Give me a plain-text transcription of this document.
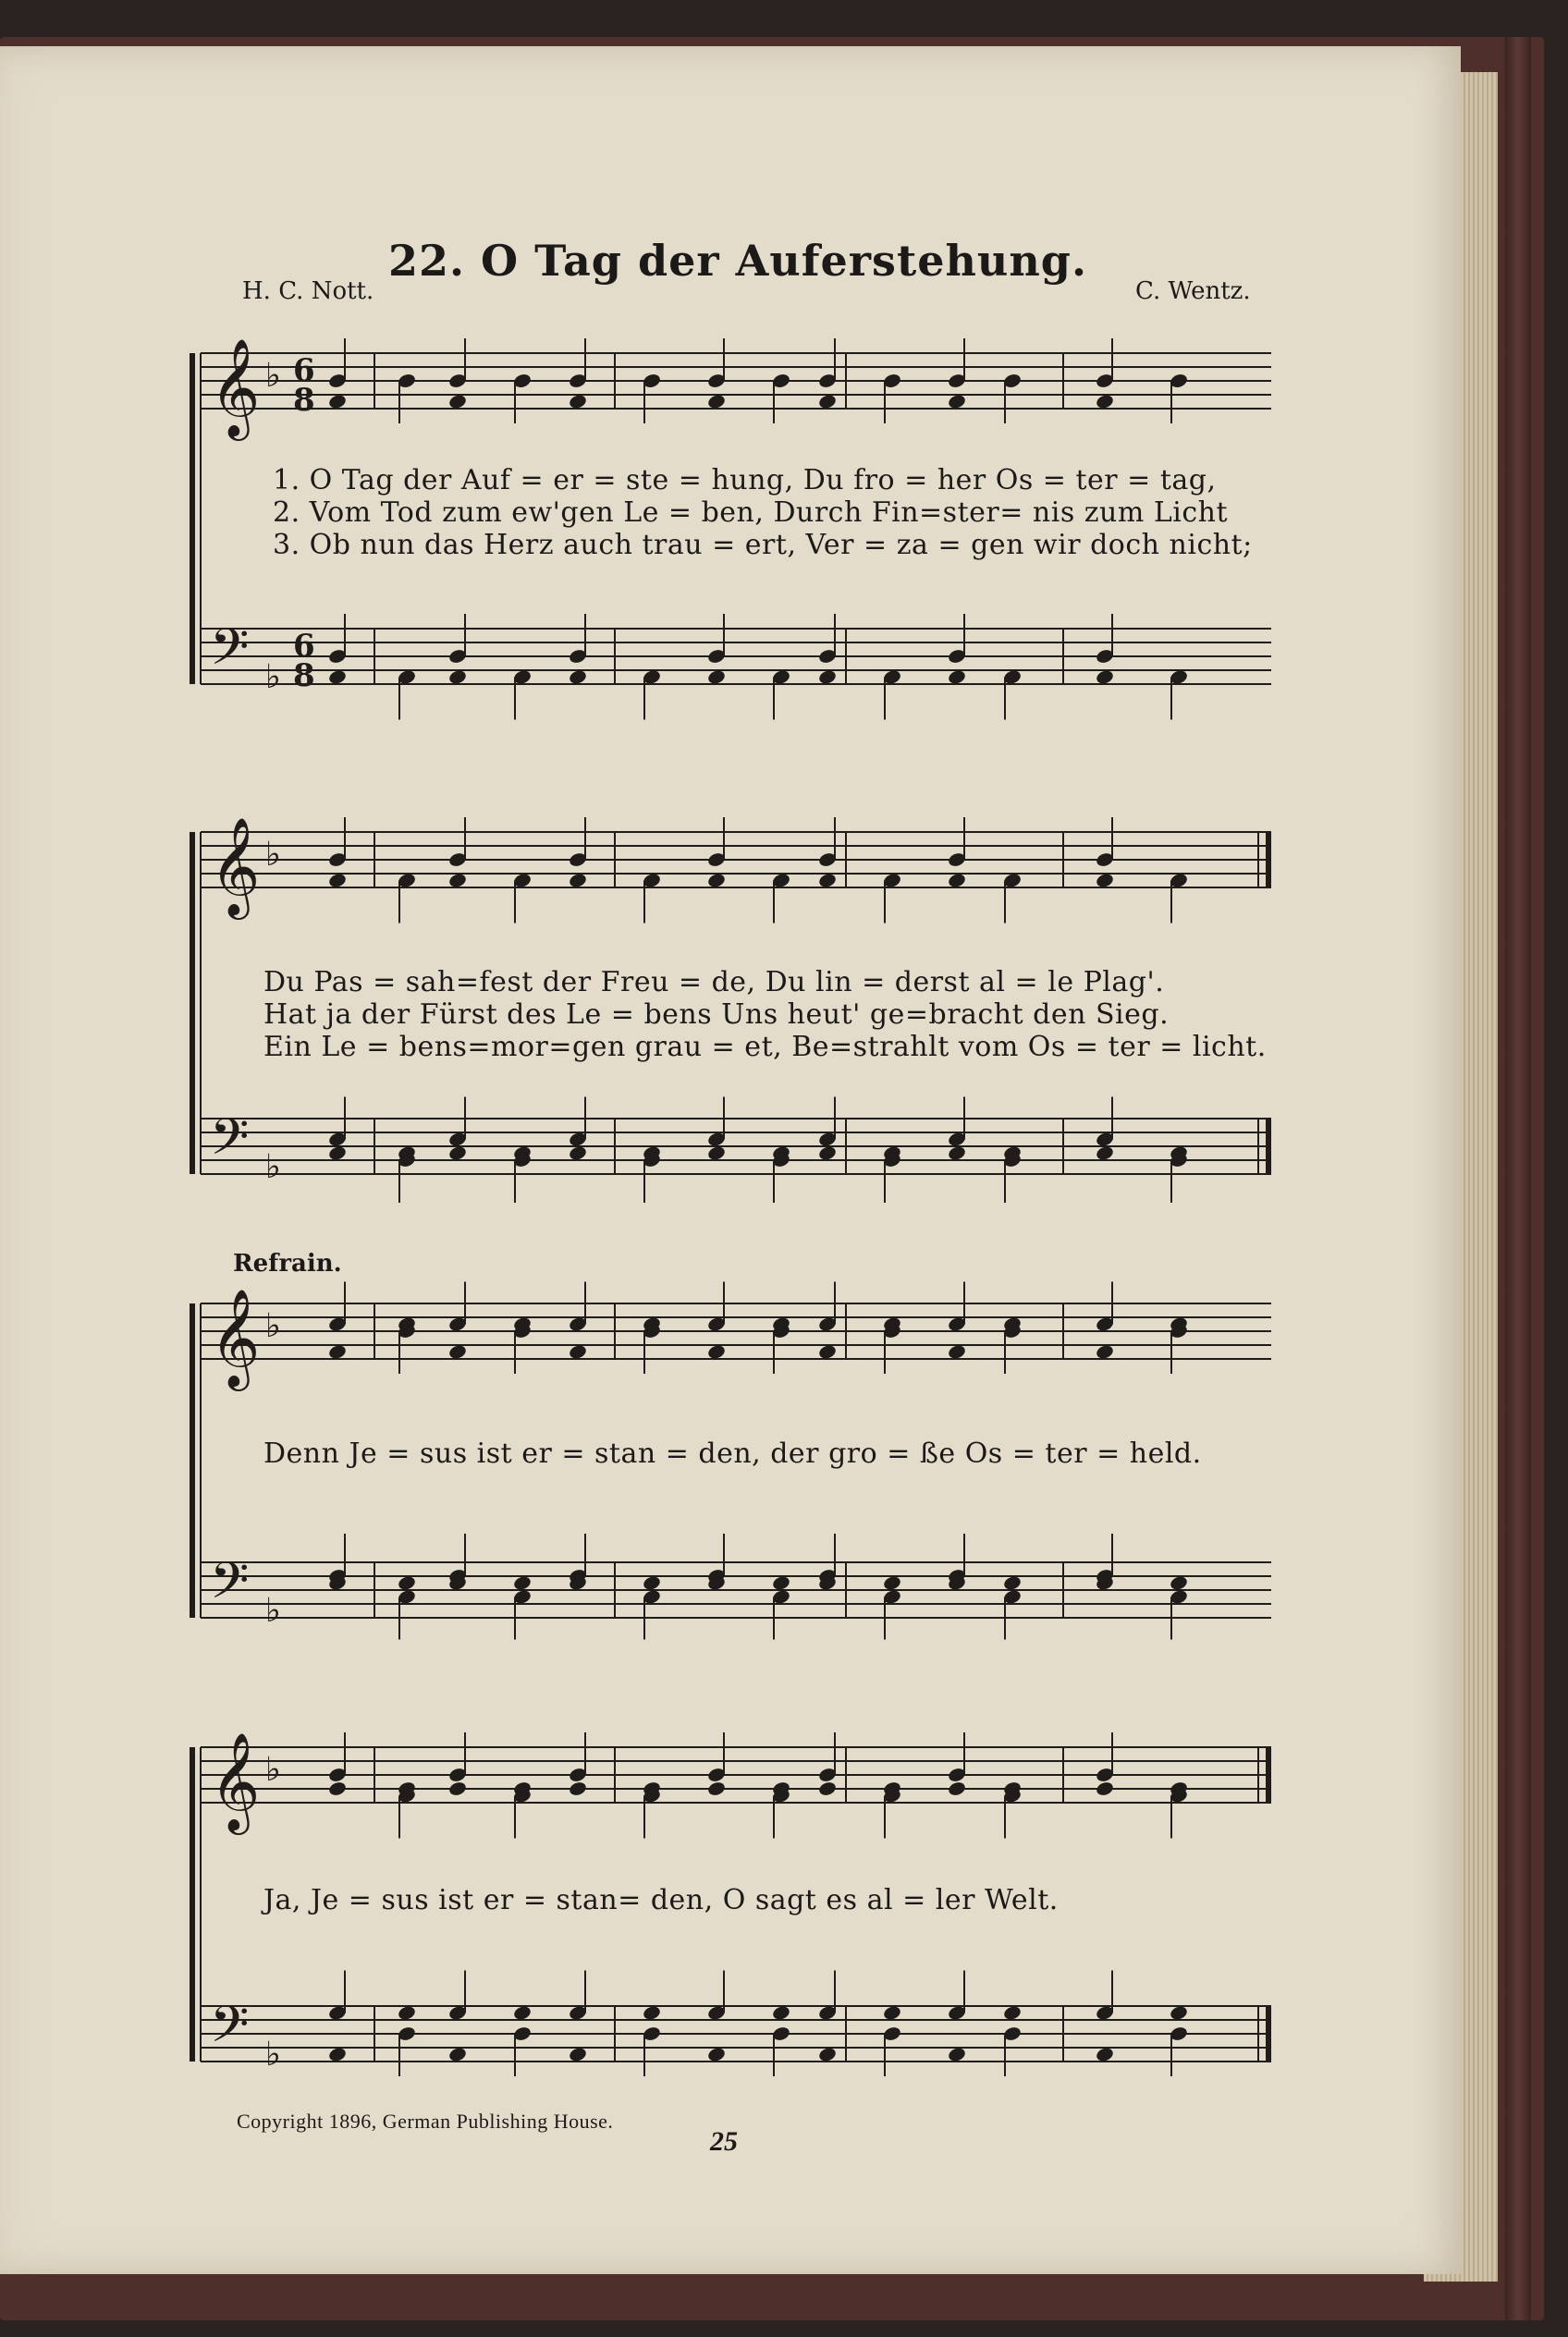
22. O Tag der Auferstehung.
H. C. Nott.	C. Wentz.
𝄞
𝄢
♭
♭
6
8
6
8
1. O Tag der Auf = er = ste = hung, Du fro = her Os = ter = tag,
2. Vom Tod zum ew'gen Le = ben, Durch Fin=ster= nis zum Licht
3. Ob nun das Herz auch trau = ert, Ver = za = gen wir doch nicht;
𝄞
𝄢
♭
♭
Du Pas = sah=fest der Freu = de, Du lin = derst al = le Plag'.
Hat ja der Fürst des Le = bens Uns heut' ge=bracht den Sieg.
Ein Le = bens=mor=gen grau = et, Be=strahlt vom Os = ter = licht.
Refrain.
𝄞
𝄢
♭
♭
Denn Je = sus ist er = stan = den, der gro = ße Os = ter = held.
𝄞
𝄢
♭
♭
Ja, Je = sus ist er = stan= den, O sagt es al = ler Welt.
Copyright 1896, German Publishing House.
25
